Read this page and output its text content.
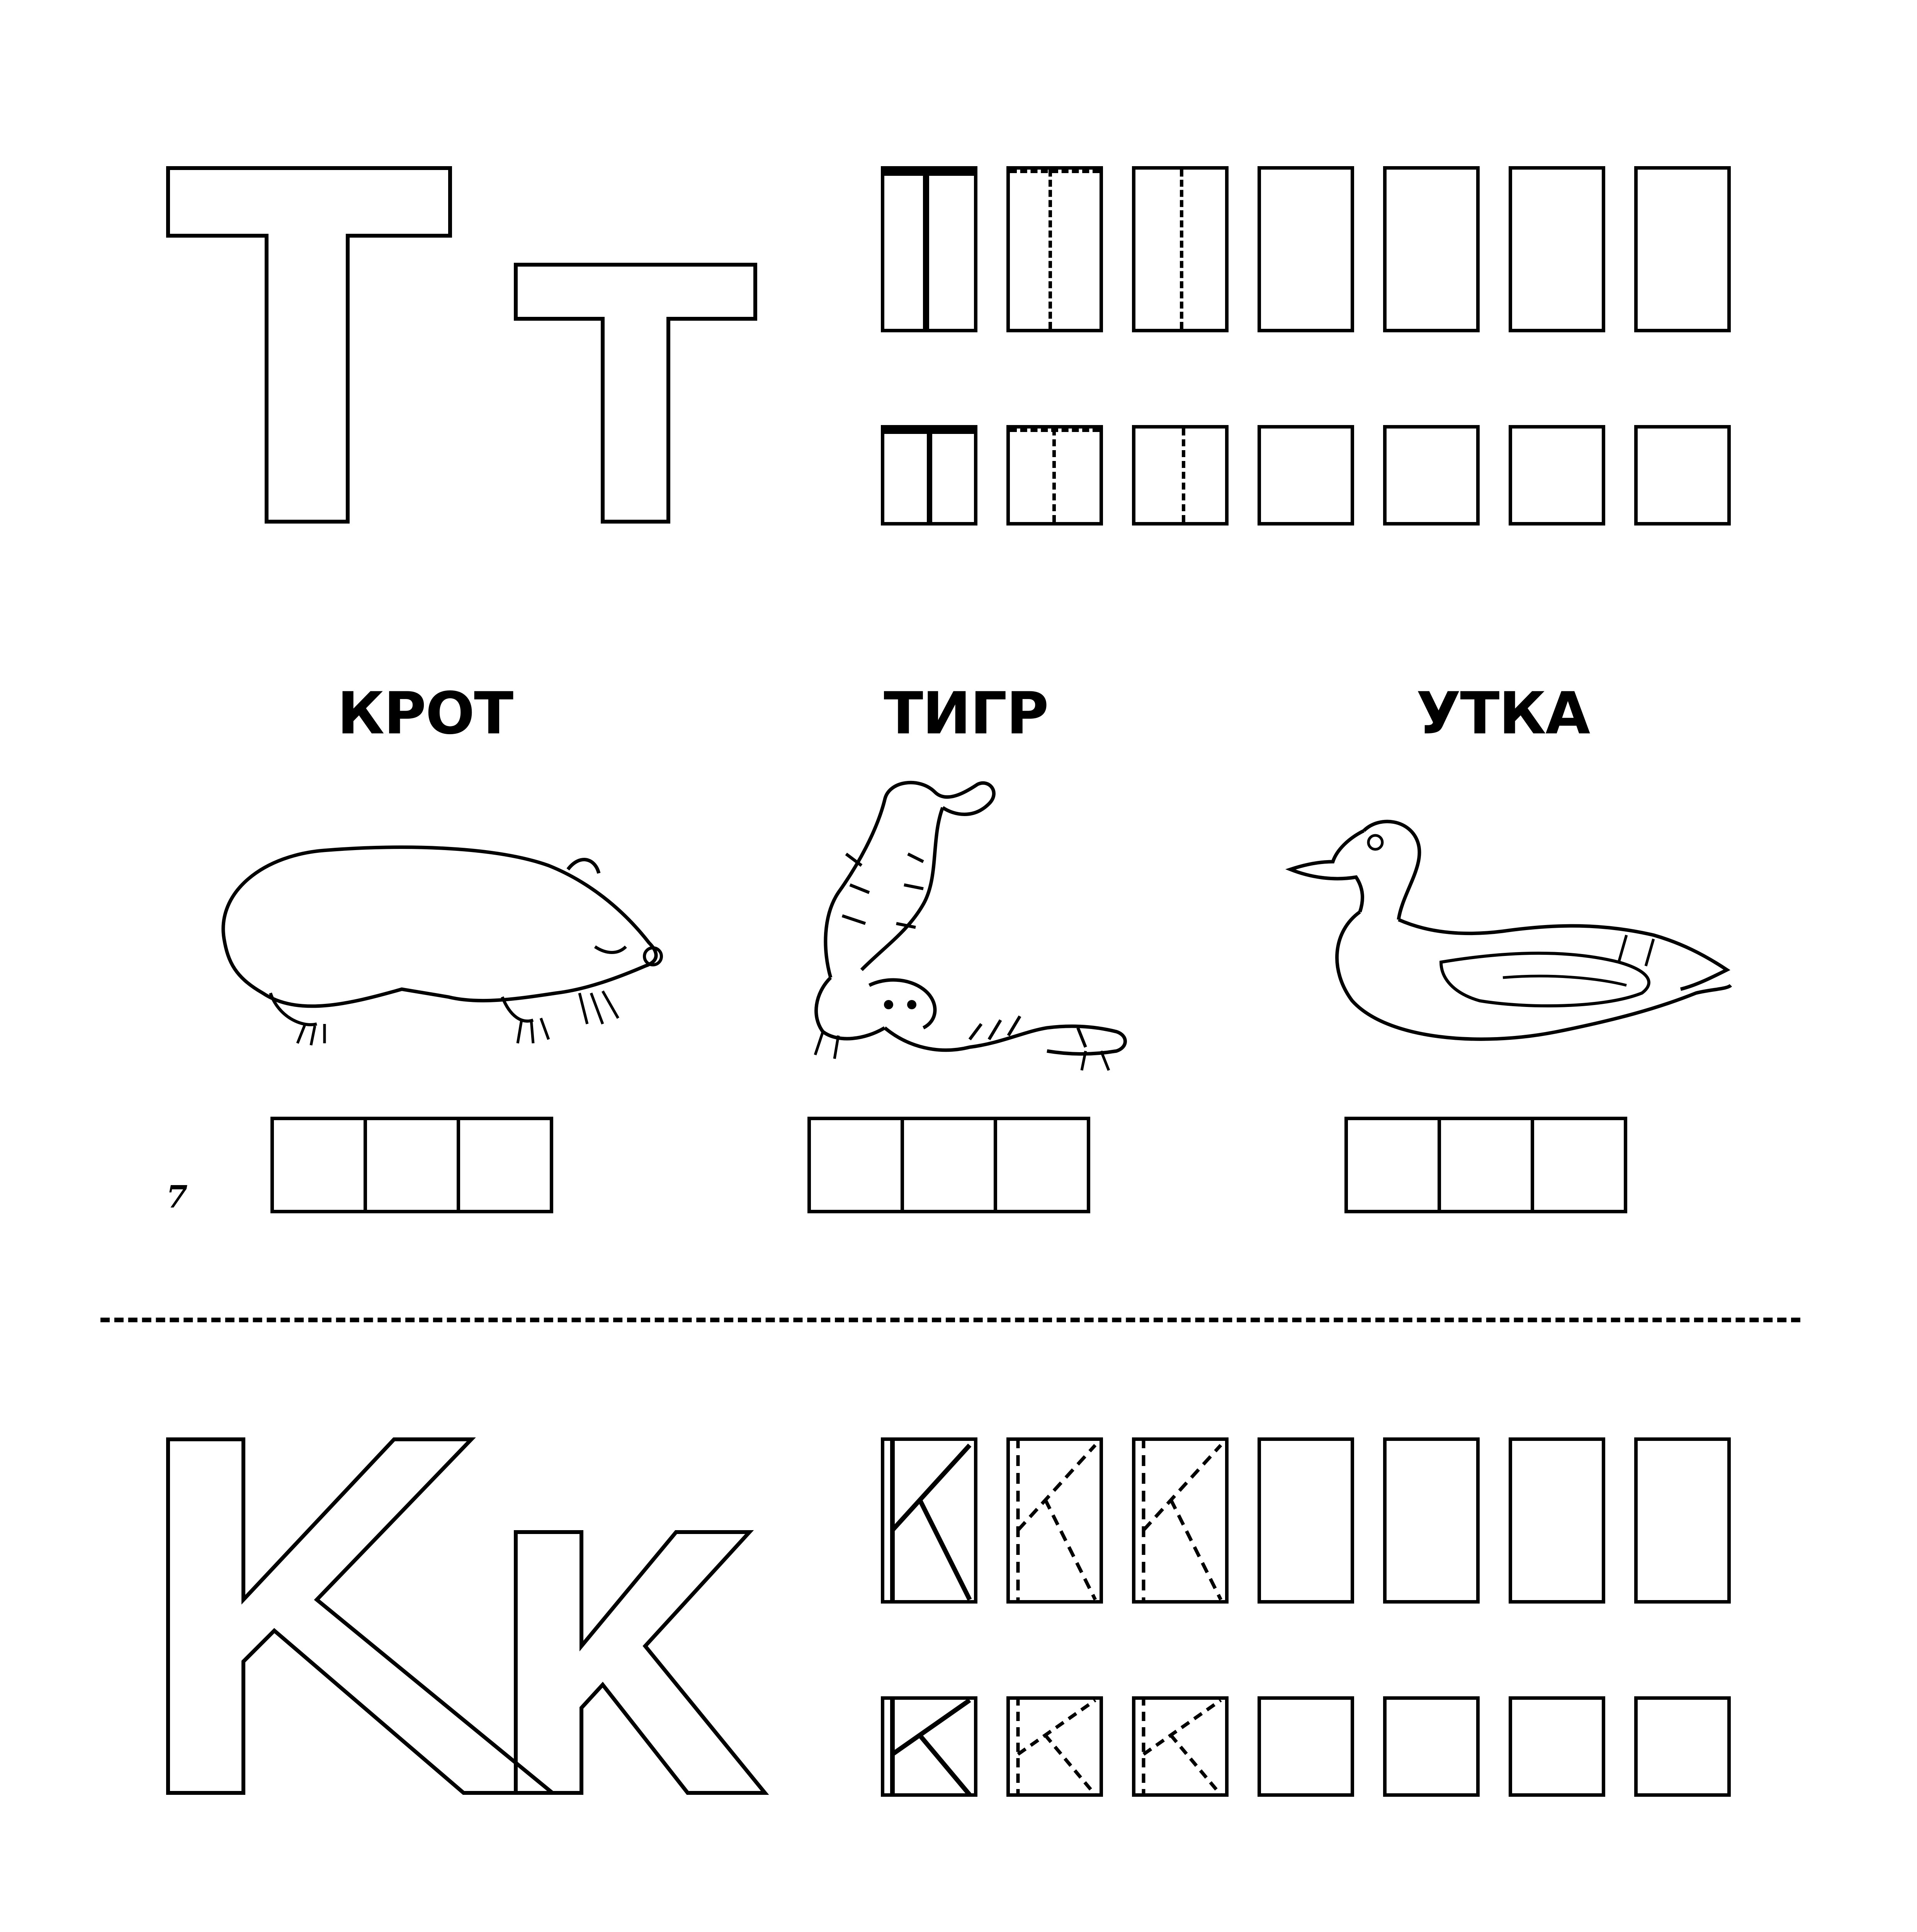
КРОТ	ТИГР	УТКА
7
